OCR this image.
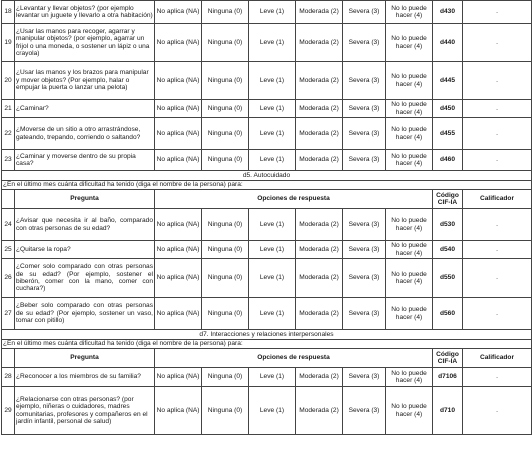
18	¿Levantar y llevar objetos? (por ejemplo levantar un juguete y llevarlo a otra habitación)	No aplica (NA)	Ninguna (0)	Leve (1)	Moderada (2)	Severa (3)	No lo puede hacer (4)	d430	.
19	¿Usar las manos para recoger, agarrar y manipular objetos? (por ejemplo, agarrar un frijol o una moneda, o sostener un lápiz o una crayola)	No aplica (NA)	Ninguna (0)	Leve (1)	Moderada (2)	Severa (3)	No lo puede hacer (4)	d440	.
20	¿Usar las manos y los brazos para manipular y mover objetos? (Por ejemplo, halar o empujar la puerta o lanzar una pelota)	No aplica (NA)	Ninguna (0)	Leve (1)	Moderada (2)	Severa (3)	No lo puede hacer (4)	d445	.
21	¿Caminar?	No aplica (NA)	Ninguna (0)	Leve (1)	Moderada (2)	Severa (3)	No lo puede hacer (4)	d450	.
22	¿Moverse de un sitio a otro arrastrándose, gateando, trepando, corriendo o saltando?	No aplica (NA)	Ninguna (0)	Leve (1)	Moderada (2)	Severa (3)	No lo puede hacer (4)	d455	.
23	¿Caminar y moverse dentro de su propia casa?	No aplica (NA)	Ninguna (0)	Leve (1)	Moderada (2)	Severa (3)	No lo puede hacer (4)	d460	.
d5. Autocuidado									
¿En el último mes cuánta dificultad ha tenido (diga el nombre de la persona) para:									
	Pregunta	Opciones de respuesta						Código CIF-IA	Calificador
24	¿Avisar que necesita ir al baño, comparado con otras personas de su edad?	No aplica (NA)	Ninguna (0)	Leve (1)	Moderada (2)	Severa (3)	No lo puede hacer (4)	d530	.
25	¿Quitarse la ropa?	No aplica (NA)	Ninguna (0)	Leve (1)	Moderada (2)	Severa (3)	No lo puede hacer (4)	d540	.
26	¿Comer solo comparado con otras personas de su edad? (Por ejemplo, sostener el biberón, comer con la mano, comer con cuchara?)	No aplica (NA)	Ninguna (0)	Leve (1)	Moderada (2)	Severa (3)	No lo puede hacer (4)	d550	.
27	¿Beber solo comparado con otras personas de su edad? (Por ejemplo, sostener un vaso, tomar con pitillo)	No aplica (NA)	Ninguna (0)	Leve (1)	Moderada (2)	Severa (3)	No lo puede hacer (4)	d560	.
d7. Interacciones y relaciones interpersonales									
¿En el último mes cuánta dificultad ha tenido (diga el nombre de la persona) para:									
	Pregunta	Opciones de respuesta						Código CIF-IA	Calificador
28	¿Reconocer a los miembros de su familia?	No aplica (NA)	Ninguna (0)	Leve (1)	Moderada (2)	Severa (3)	No lo puede hacer (4)	d7106	.
29	¿Relacionarse con otras personas? (por ejemplo, niñeras o cuidadores, madres comunitarias, profesores y compañeros en el jardín infantil, personal de salud)	No aplica (NA)	Ninguna (0)	Leve (1)	Moderada (2)	Severa (3)	No lo puede hacer (4)	d710	.
